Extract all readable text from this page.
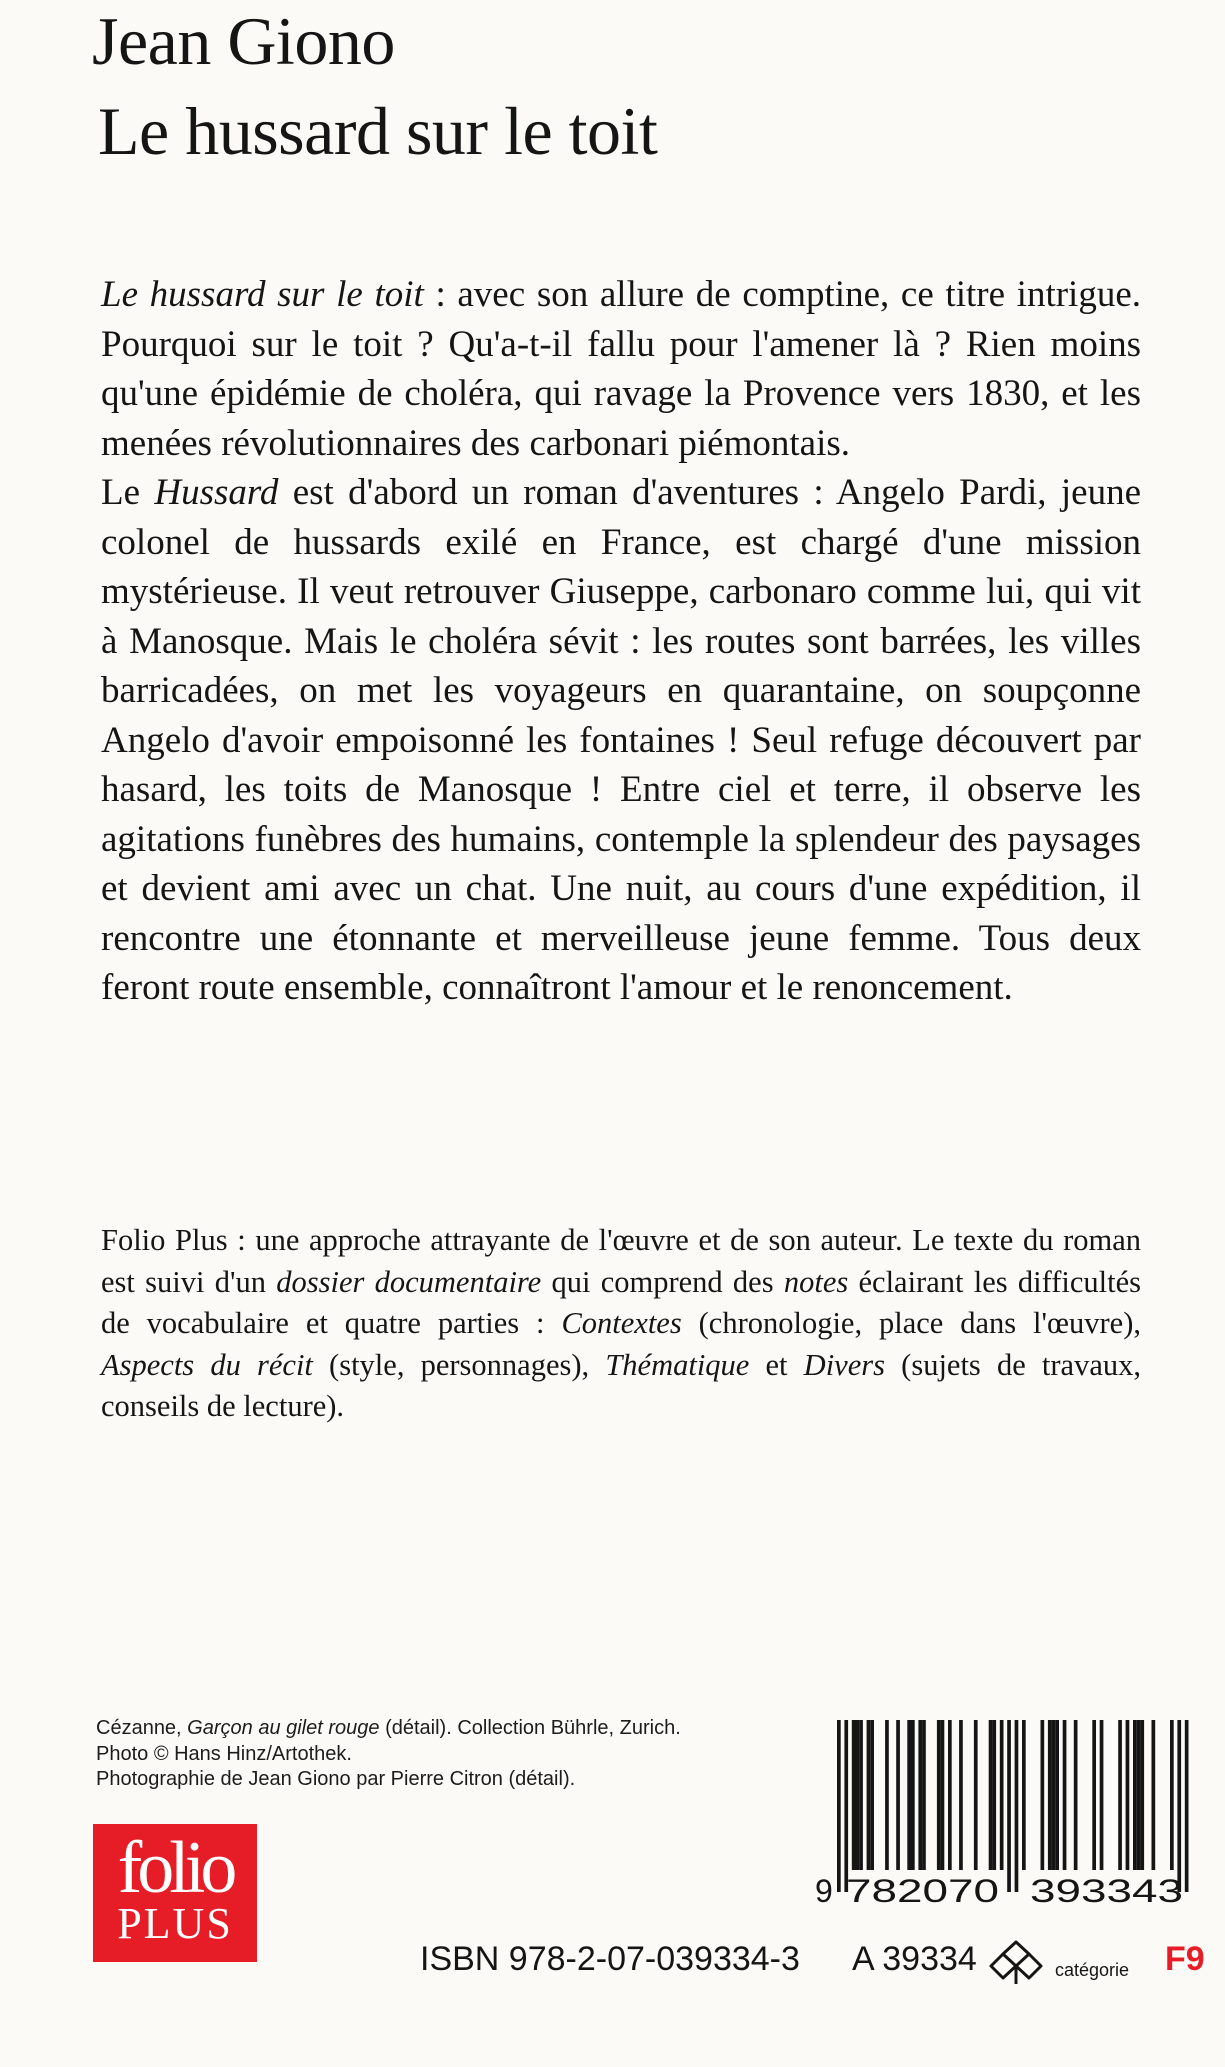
Jean Giono
Le hussard sur le toit

Le hussard sur le toit : avec son allure de comptine, ce titre intrigue. Pourquoi sur le toit ? Qu'a-t-il fallu pour l'amener là ? Rien moins qu'une épidémie de choléra, qui ravage la Provence vers 1830, et les menées révolutionnaires des carbonari piémontais.

Le Hussard est d'abord un roman d'aventures : Angelo Pardi, jeune colonel de hussards exilé en France, est chargé d'une mission mystérieuse. Il veut retrouver Giuseppe, carbonaro comme lui, qui vit à Manosque. Mais le choléra sévit : les routes sont barrées, les villes barricadées, on met les voyageurs en quarantaine, on soupçonne Angelo d'avoir empoisonné les fontaines ! Seul refuge découvert par hasard, les toits de Manosque ! Entre ciel et terre, il observe les agitations funèbres des humains, contemple la splendeur des paysages et devient ami avec un chat. Une nuit, au cours d'une expédition, il rencontre une étonnante et merveilleuse jeune femme. Tous deux feront route ensemble, connaîtront l'amour et le renoncement.

Folio Plus : une approche attrayante de l'œuvre et de son auteur. Le texte du roman est suivi d'un dossier documentaire qui comprend des notes éclairant les difficultés de vocabulaire et quatre parties : Contextes (chronologie, place dans l'œuvre), Aspects du récit (style, personnages), Thématique et Divers (sujets de travaux, conseils de lecture).

Cézanne, Garçon au gilet rouge (détail). Collection Bührle, Zurich.
Photo © Hans Hinz/Artothek.
Photographie de Jean Giono par Pierre Citron (détail).
folio
PLUS
9 782070 393343
ISBN 978-2-07-039334-3 A 39334	catégorie F9
